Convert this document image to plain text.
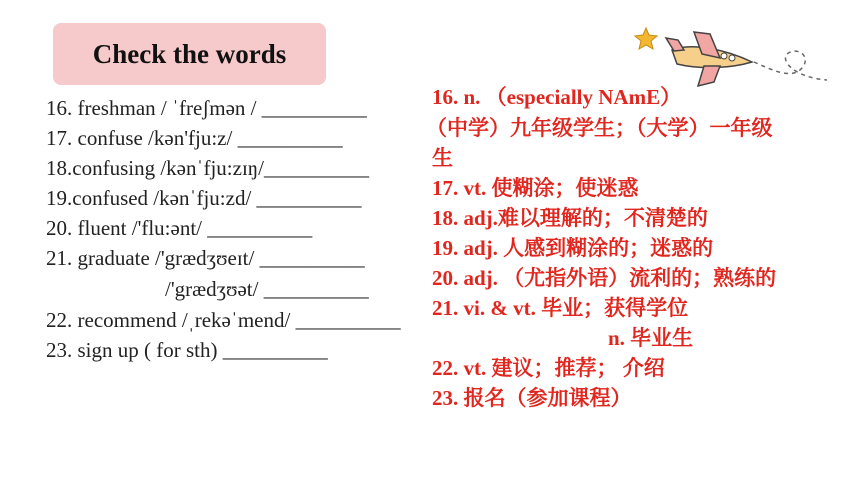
Check the words
16. freshman / ˈfreʃmən / __________
17. confuse /kən'fju:z/ __________
18.confusing /kənˈfju:zɪŋ/__________
19.confused /kənˈfju:zd/ __________
20. fluent /'flu:ənt/ __________
21. graduate /'grædʒʊeɪt/ __________
/'grædʒʊət/ __________
22. recommend /ˌrekəˈmend/ __________
23. sign up ( for sth) __________
16. n. （especially NAmE）
（中学）九年级学生；（大学）一年级
生
17. vt. 使糊涂；使迷惑
18. adj.难以理解的；不清楚的
19. adj. 人感到糊涂的；迷惑的
20. adj. （尤指外语）流利的；熟练的
21. vi. & vt. 毕业；获得学位
n. 毕业生
22. vt. 建议；推荐； 介绍
23. 报名（参加课程）
